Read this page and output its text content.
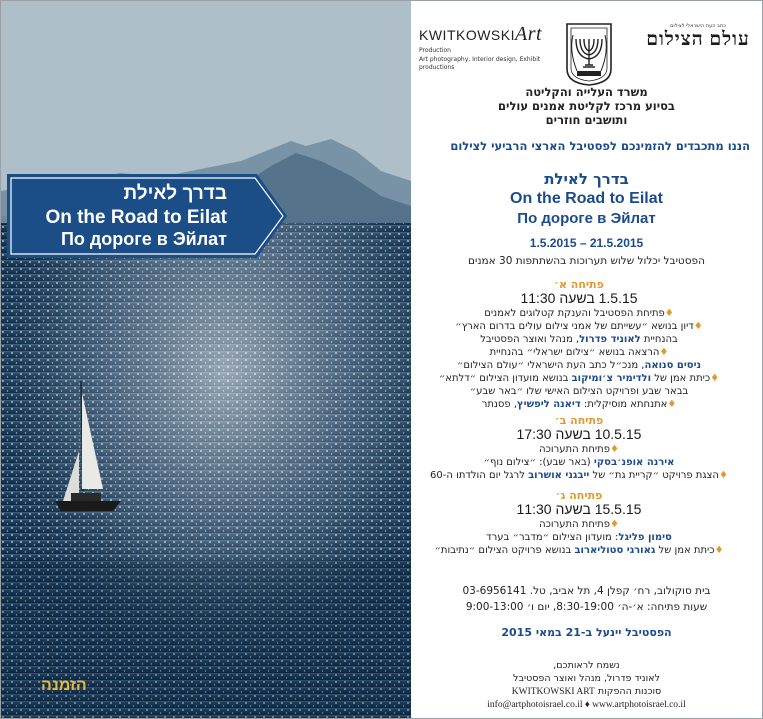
בדרך לאילת
On the Road to Eilat
По дороге в Эйлат
הזמנה
כתב העת הישראלי לצילום
עולם הצילום
KWITKOWSKIArt
Production
Art photography, Interior design, Exhibit productions
משרד העלייה והקליטה
בסיוע מרכז לקליטת אמנים עולים
ותושבים חוזרים
הננו מתכבדים להזמינכם לפסטיבל הארצי הרביעי לצילום
בדרך לאילת
On the Road to Eilat
По дороге в Эйлат
1.5.2015 – 21.5.2015
הפסטיבל יכלול שלוש תערוכות בהשתתפות 30 אמנים
פתיחה א׳
1.5.15 בשעה 11:30
♦פתיחת הפסטיבל והענקת קטלוגים לאמנים
♦דיון בנושא ״עשייתם של אמני צילום עולים בדרום הארץ״
בהנחיית לאוניד פדרול, מנהל ואוצר הפסטיבל
♦הרצאה בנושא ״צילום ישראלי״ בהנחיית
ניסים סנואה, מנכ״ל כתב העת הישראלי ״עולם הצילום״
♦כיתת אמן של ולדימיר צ׳ומיקוב בנושא מועדון הצילום ״דלתא״
בבאר שבע ופרויקט הצילום האישי שלו ״באר שבע״
♦אתנחתא מוסיקלית: דיאנה ליפשיץ, פסנתר
פתיחה ב׳
10.5.15 בשעה 17:30
♦פתיחת התערוכה
אירנה אופנ׳בסקי (באר שבע): ״צילום נוף״
♦הצגת פרויקט ״קריית גת״ של ייבגני אושרוב לרגל יום הולדתו ה-60
פתיחה ג׳
15.5.15 בשעה 11:30
♦פתיחת התערוכה
סימון פליגל: מועדון הצילום ״מדבר״ בערד
♦כיתת אמן של גאורגי סטוליארוב בנושא פרויקט הצילום ״נתיבות״
בית סוקולוב, רח׳ קפלן 4, תל אביב, טל. 03-6956141
שעות פתיחה: א׳-ה׳ 8:30-19:00, יום ו׳ 9:00-13:00
הפסטיבל יינעל ב-21 במאי 2015
נשמח לראותכם,
לאוניד פדרול, מנהל ואוצר הפסטיבל
סוכנות ההפקות KWITKOWSKI ART
info@artphotoisrael.co.il ♦ www.artphotoisrael.co.il
